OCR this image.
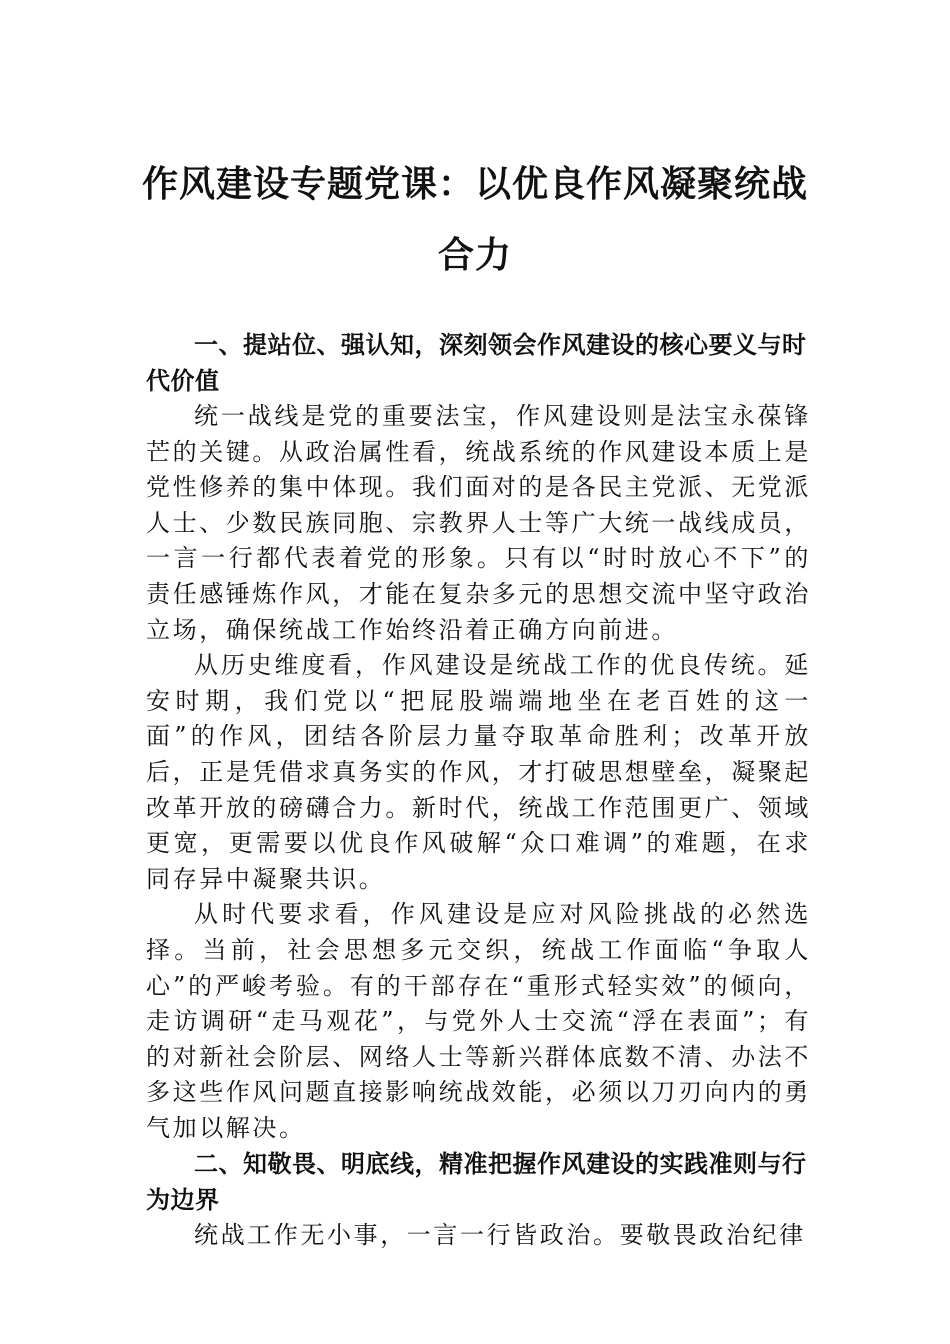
作风建设专题党课：以优良作风凝聚统战
合力

一、提站位、强认知，深刻领会作风建设的核心要义与时代价值

统一战线是党的重要法宝，作风建设则是法宝永葆锋芒的关键。从政治属性看，统战系统的作风建设本质上是党性修养的集中体现。我们面对的是各民主党派、无党派人士、少数民族同胞、宗教界人士等广大统一战线成员，一言一行都代表着党的形象。只有以“时时放心不下”的责任感锤炼作风，才能在复杂多元的思想交流中坚守政治立场，确保统战工作始终沿着正确方向前进。

从历史维度看，作风建设是统战工作的优良传统。延安时期，我们党以“把屁股端端地坐在老百姓的这一面”的作风，团结各阶层力量夺取革命胜利；改革开放后，正是凭借求真务实的作风，才打破思想壁垒，凝聚起改革开放的磅礴合力。新时代，统战工作范围更广、领域更宽，更需要以优良作风破解“众口难调”的难题，在求同存异中凝聚共识。

从时代要求看，作风建设是应对风险挑战的必然选择。当前，社会思想多元交织，统战工作面临“争取人心”的严峻考验。有的干部存在“重形式轻实效”的倾向，走访调研“走马观花”，与党外人士交流“浮在表面”；有的对新社会阶层、网络人士等新兴群体底数不清、办法不多这些作风问题直接影响统战效能，必须以刀刃向内的勇气加以解决。

二、知敬畏、明底线，精准把握作风建设的实践准则与行为边界

统战工作无小事，一言一行皆政治。要敬畏政治纪律
